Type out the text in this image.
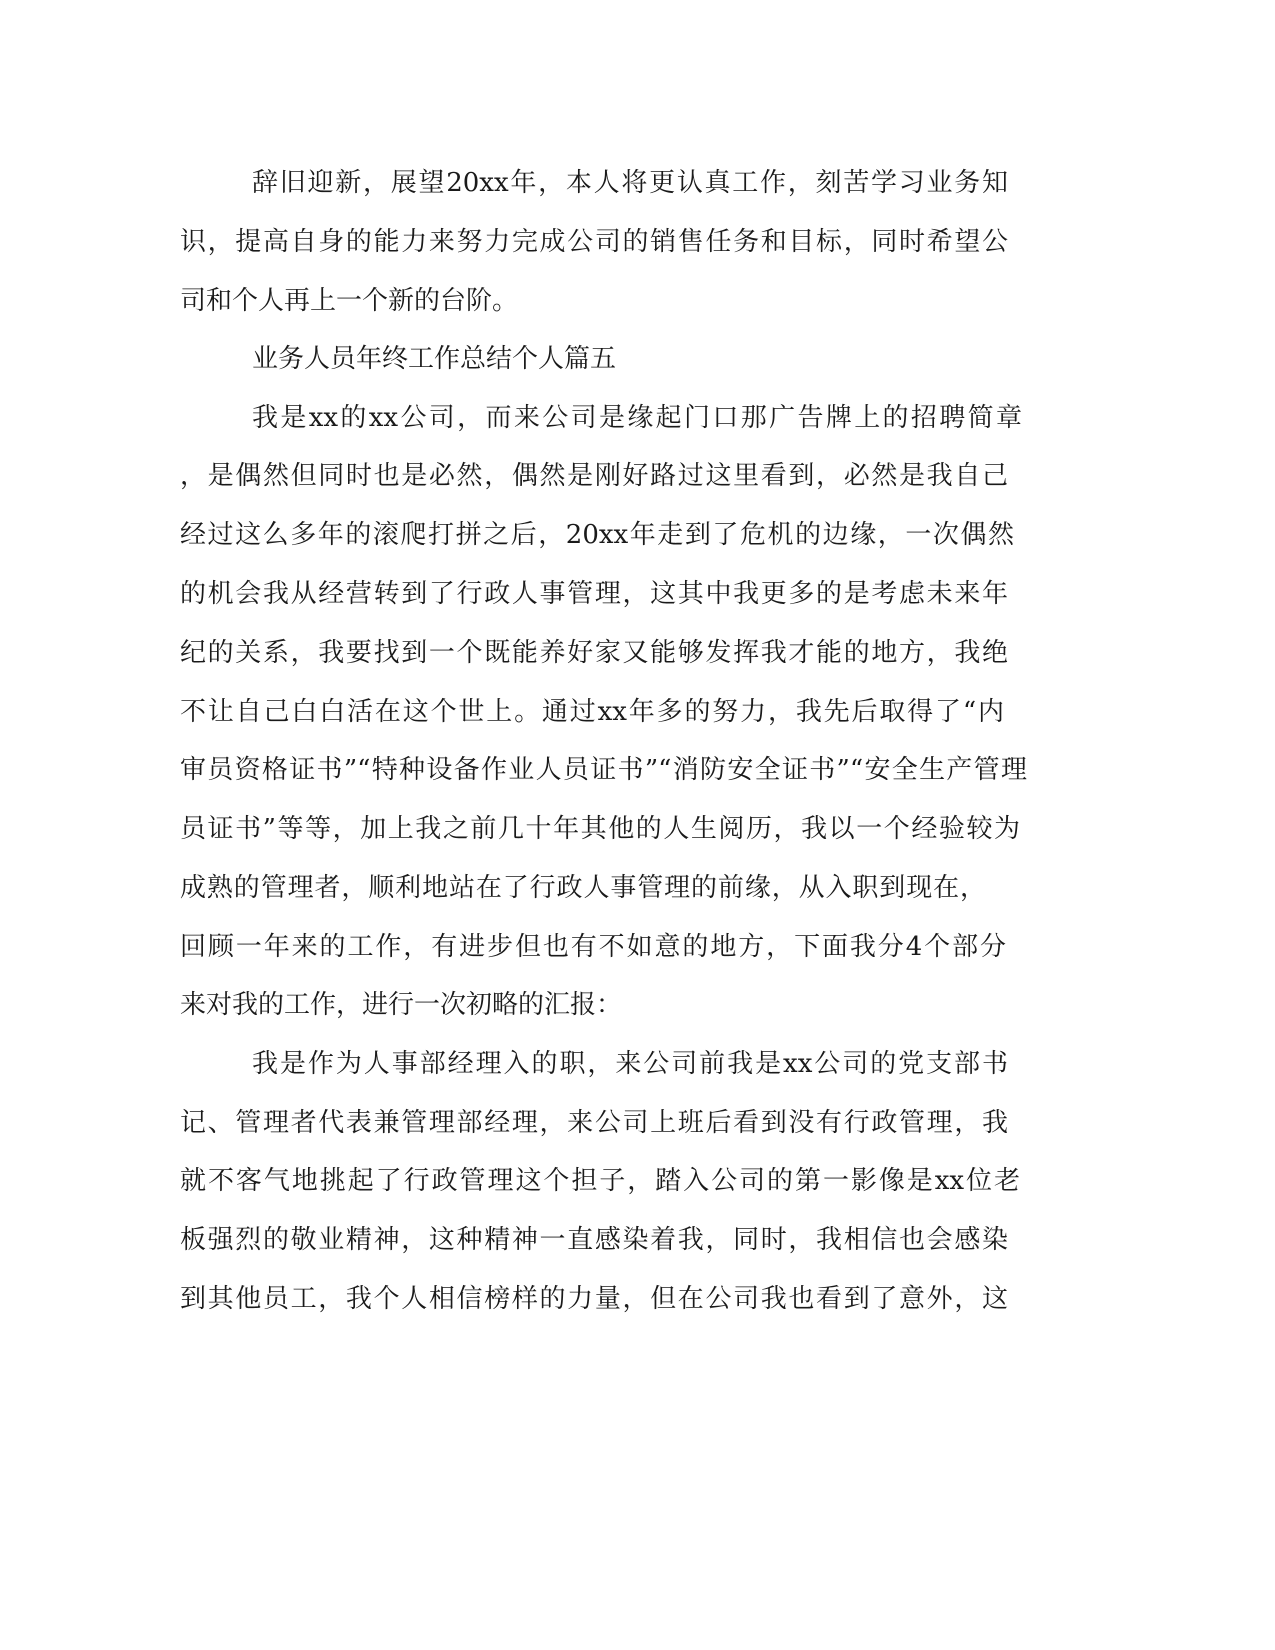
辞旧迎新，展望20xx年，本人将更认真工作，刻苦学习业务知
识，提高自身的能力来努力完成公司的销售任务和目标，同时希望公
司和个人再上一个新的台阶。
业务人员年终工作总结个人篇五
我是xx的xx公司，而来公司是缘起门口那广告牌上的招聘简章
，是偶然但同时也是必然，偶然是刚好路过这里看到，必然是我自己
经过这么多年的滚爬打拼之后，20xx年走到了危机的边缘，一次偶然
的机会我从经营转到了行政人事管理，这其中我更多的是考虑未来年
纪的关系，我要找到一个既能养好家又能够发挥我才能的地方，我绝
不让自己白白活在这个世上。通过xx年多的努力，我先后取得了“内
审员资格证书”“特种设备作业人员证书”“消防安全证书”“安全生产管理
员证书”等等，加上我之前几十年其他的人生阅历，我以一个经验较为
成熟的管理者，顺利地站在了行政人事管理的前缘，从入职到现在，
回顾一年来的工作，有进步但也有不如意的地方，下面我分4个部分
来对我的工作，进行一次初略的汇报：
我是作为人事部经理入的职，来公司前我是xx公司的党支部书
记、管理者代表兼管理部经理，来公司上班后看到没有行政管理，我
就不客气地挑起了行政管理这个担子，踏入公司的第一影像是xx位老
板强烈的敬业精神，这种精神一直感染着我，同时，我相信也会感染
到其他员工，我个人相信榜样的力量，但在公司我也看到了意外，这
